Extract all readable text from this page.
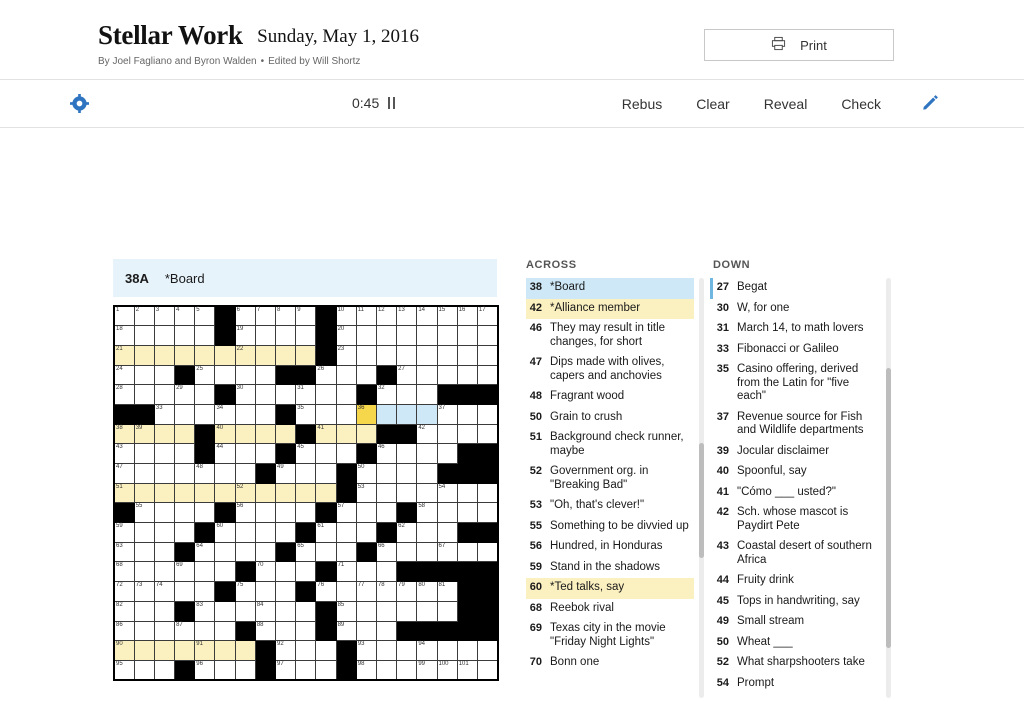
Stellar Work Sunday, May 1, 2016
By Joel Fagliano and Byron Walden • Edited by Will Shortz
Print
0:45	Rebus Clear Reveal Check
38A *Board
1	2	3	4	5		6	7	8	9		10	11	12	13	14	15	16	17

18						19					20							

21						22					23							

24				25						26				27				

28			29			30			31				32					

		33			34				35			36				37		

38	39				40					41					42			

43					44				45				46					

47				48				49				50						

51						52						53				54		

	55					56					57				58			

59					60					61				62				

63				64					65				66			67		

68			69				70				71							

72	73	74				75				76		77	78	79	80	81		

82				83			84				85							

86			87				88				89							

90				91				92				93			94			

95				96				97				98			99	100	101	

ACROSS
38 *Board
42 *Alliance member
46 They may result in title changes, for short
47 Dips made with olives, capers and anchovies
48 Fragrant wood
50 Grain to crush
51 Background check runner, maybe
52 Government org. in "Breaking Bad"
53 "Oh, that's clever!"
55 Something to be divvied up
56 Hundred, in Honduras
59 Stand in the shadows
60 *Ted talks, say
68 Reebok rival
69 Texas city in the movie "Friday Night Lights"
70 Bonn one
DOWN
27 Begat
30 W, for one
31 March 14, to math lovers
33 Fibonacci or Galileo
35 Casino offering, derived from the Latin for "five each"
37 Revenue source for Fish and Wildlife departments
39 Jocular disclaimer
40 Spoonful, say
41 "Cómo ___ usted?"
42 Sch. whose mascot is Paydirt Pete
43 Coastal desert of southern Africa
44 Fruity drink
45 Tops in handwriting, say
49 Small stream
50 Wheat ___
52 What sharpshooters take
54 Prompt
